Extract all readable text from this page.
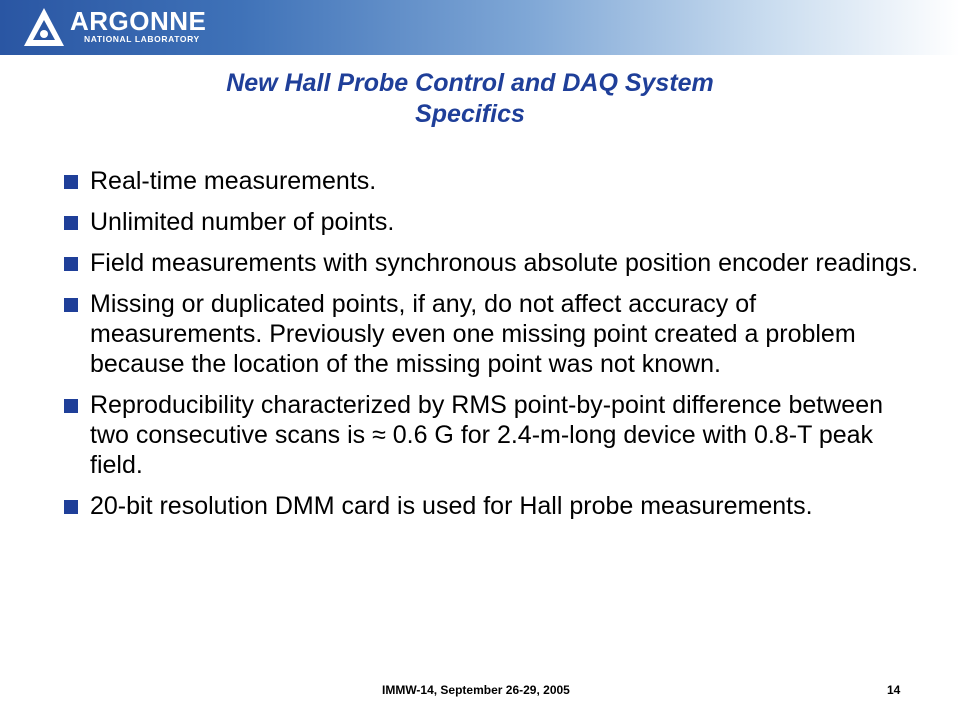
ARGONNE
NATIONAL LABORATORY
New Hall Probe Control and DAQ System
Specifics
Real-time measurements.
Unlimited number of points.
Field measurements with synchronous absolute position encoder readings.
Missing or duplicated points, if any, do not affect accuracy of measurements. Previously even one missing point created a problem because the location of the missing point was not known.
Reproducibility characterized by RMS point-by-point difference between two consecutive scans is ≈ 0.6 G for 2.4-m-long device with 0.8-T peak field.
20-bit resolution DMM card is used for Hall probe measurements.
IMMW-14, September 26-29, 2005	14
